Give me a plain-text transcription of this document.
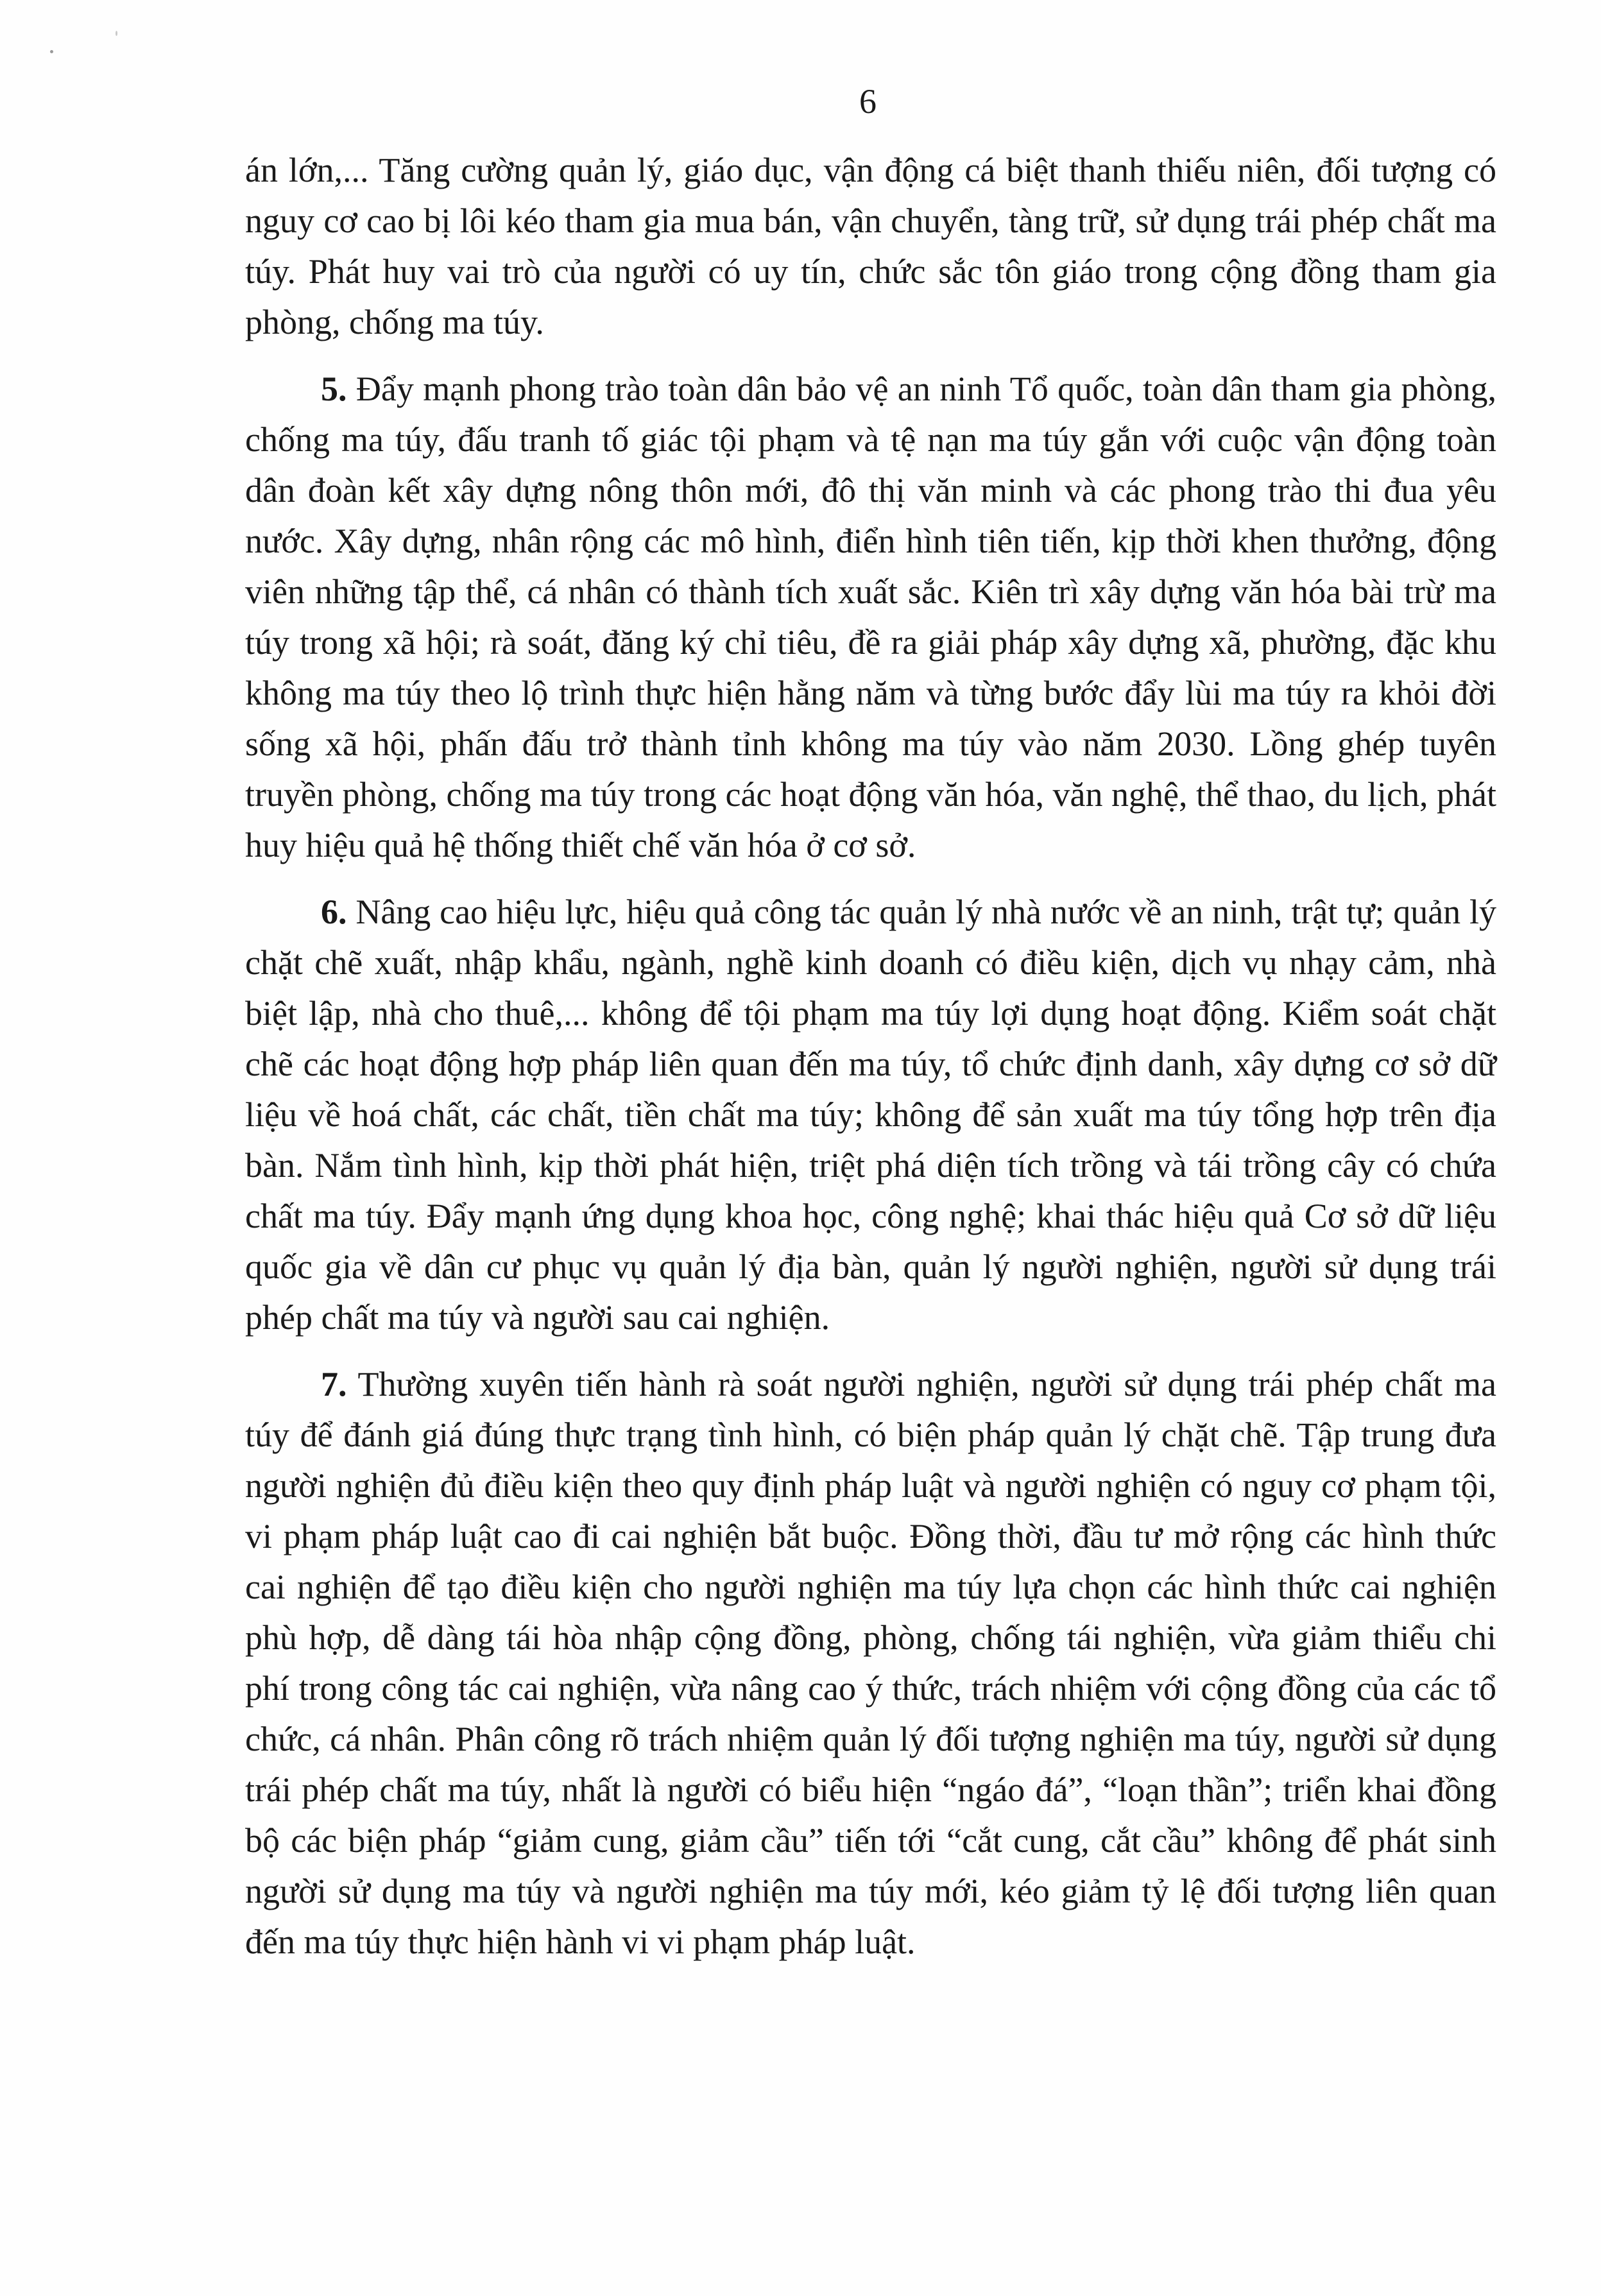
6

án lớn,... Tăng cường quản lý, giáo dục, vận động cá biệt thanh thiếu niên, đối tượng có nguy cơ cao bị lôi kéo tham gia mua bán, vận chuyển, tàng trữ, sử dụng trái phép chất ma túy. Phát huy vai trò của người có uy tín, chức sắc tôn giáo trong cộng đồng tham gia phòng, chống ma túy.

5. Đẩy mạnh phong trào toàn dân bảo vệ an ninh Tổ quốc, toàn dân tham gia phòng, chống ma túy, đấu tranh tố giác tội phạm và tệ nạn ma túy gắn với cuộc vận động toàn dân đoàn kết xây dựng nông thôn mới, đô thị văn minh và các phong trào thi đua yêu nước. Xây dựng, nhân rộng các mô hình, điển hình tiên tiến, kịp thời khen thưởng, động viên những tập thể, cá nhân có thành tích xuất sắc. Kiên trì xây dựng văn hóa bài trừ ma túy trong xã hội; rà soát, đăng ký chỉ tiêu, đề ra giải pháp xây dựng xã, phường, đặc khu không ma túy theo lộ trình thực hiện hằng năm và từng bước đẩy lùi ma túy ra khỏi đời sống xã hội, phấn đấu trở thành tỉnh không ma túy vào năm 2030. Lồng ghép tuyên truyền phòng, chống ma túy trong các hoạt động văn hóa, văn nghệ, thể thao, du lịch, phát huy hiệu quả hệ thống thiết chế văn hóa ở cơ sở.

6. Nâng cao hiệu lực, hiệu quả công tác quản lý nhà nước về an ninh, trật tự; quản lý chặt chẽ xuất, nhập khẩu, ngành, nghề kinh doanh có điều kiện, dịch vụ nhạy cảm, nhà biệt lập, nhà cho thuê,... không để tội phạm ma túy lợi dụng hoạt động. Kiểm soát chặt chẽ các hoạt động hợp pháp liên quan đến ma túy, tổ chức định danh, xây dựng cơ sở dữ liệu về hoá chất, các chất, tiền chất ma túy; không để sản xuất ma túy tổng hợp trên địa bàn. Nắm tình hình, kịp thời phát hiện, triệt phá diện tích trồng và tái trồng cây có chứa chất ma túy. Đẩy mạnh ứng dụng khoa học, công nghệ; khai thác hiệu quả Cơ sở dữ liệu quốc gia về dân cư phục vụ quản lý địa bàn, quản lý người nghiện, người sử dụng trái phép chất ma túy và người sau cai nghiện.

7. Thường xuyên tiến hành rà soát người nghiện, người sử dụng trái phép chất ma túy để đánh giá đúng thực trạng tình hình, có biện pháp quản lý chặt chẽ. Tập trung đưa người nghiện đủ điều kiện theo quy định pháp luật và người nghiện có nguy cơ phạm tội, vi phạm pháp luật cao đi cai nghiện bắt buộc. Đồng thời, đầu tư mở rộng các hình thức cai nghiện để tạo điều kiện cho người nghiện ma túy lựa chọn các hình thức cai nghiện phù hợp, dễ dàng tái hòa nhập cộng đồng, phòng, chống tái nghiện, vừa giảm thiểu chi phí trong công tác cai nghiện, vừa nâng cao ý thức, trách nhiệm với cộng đồng của các tổ chức, cá nhân. Phân công rõ trách nhiệm quản lý đối tượng nghiện ma túy, người sử dụng trái phép chất ma túy, nhất là người có biểu hiện “ngáo đá”, “loạn thần”; triển khai đồng bộ các biện pháp “giảm cung, giảm cầu” tiến tới “cắt cung, cắt cầu” không để phát sinh người sử dụng ma túy và người nghiện ma túy mới, kéo giảm tỷ lệ đối tượng liên quan đến ma túy thực hiện hành vi vi phạm pháp luật.
